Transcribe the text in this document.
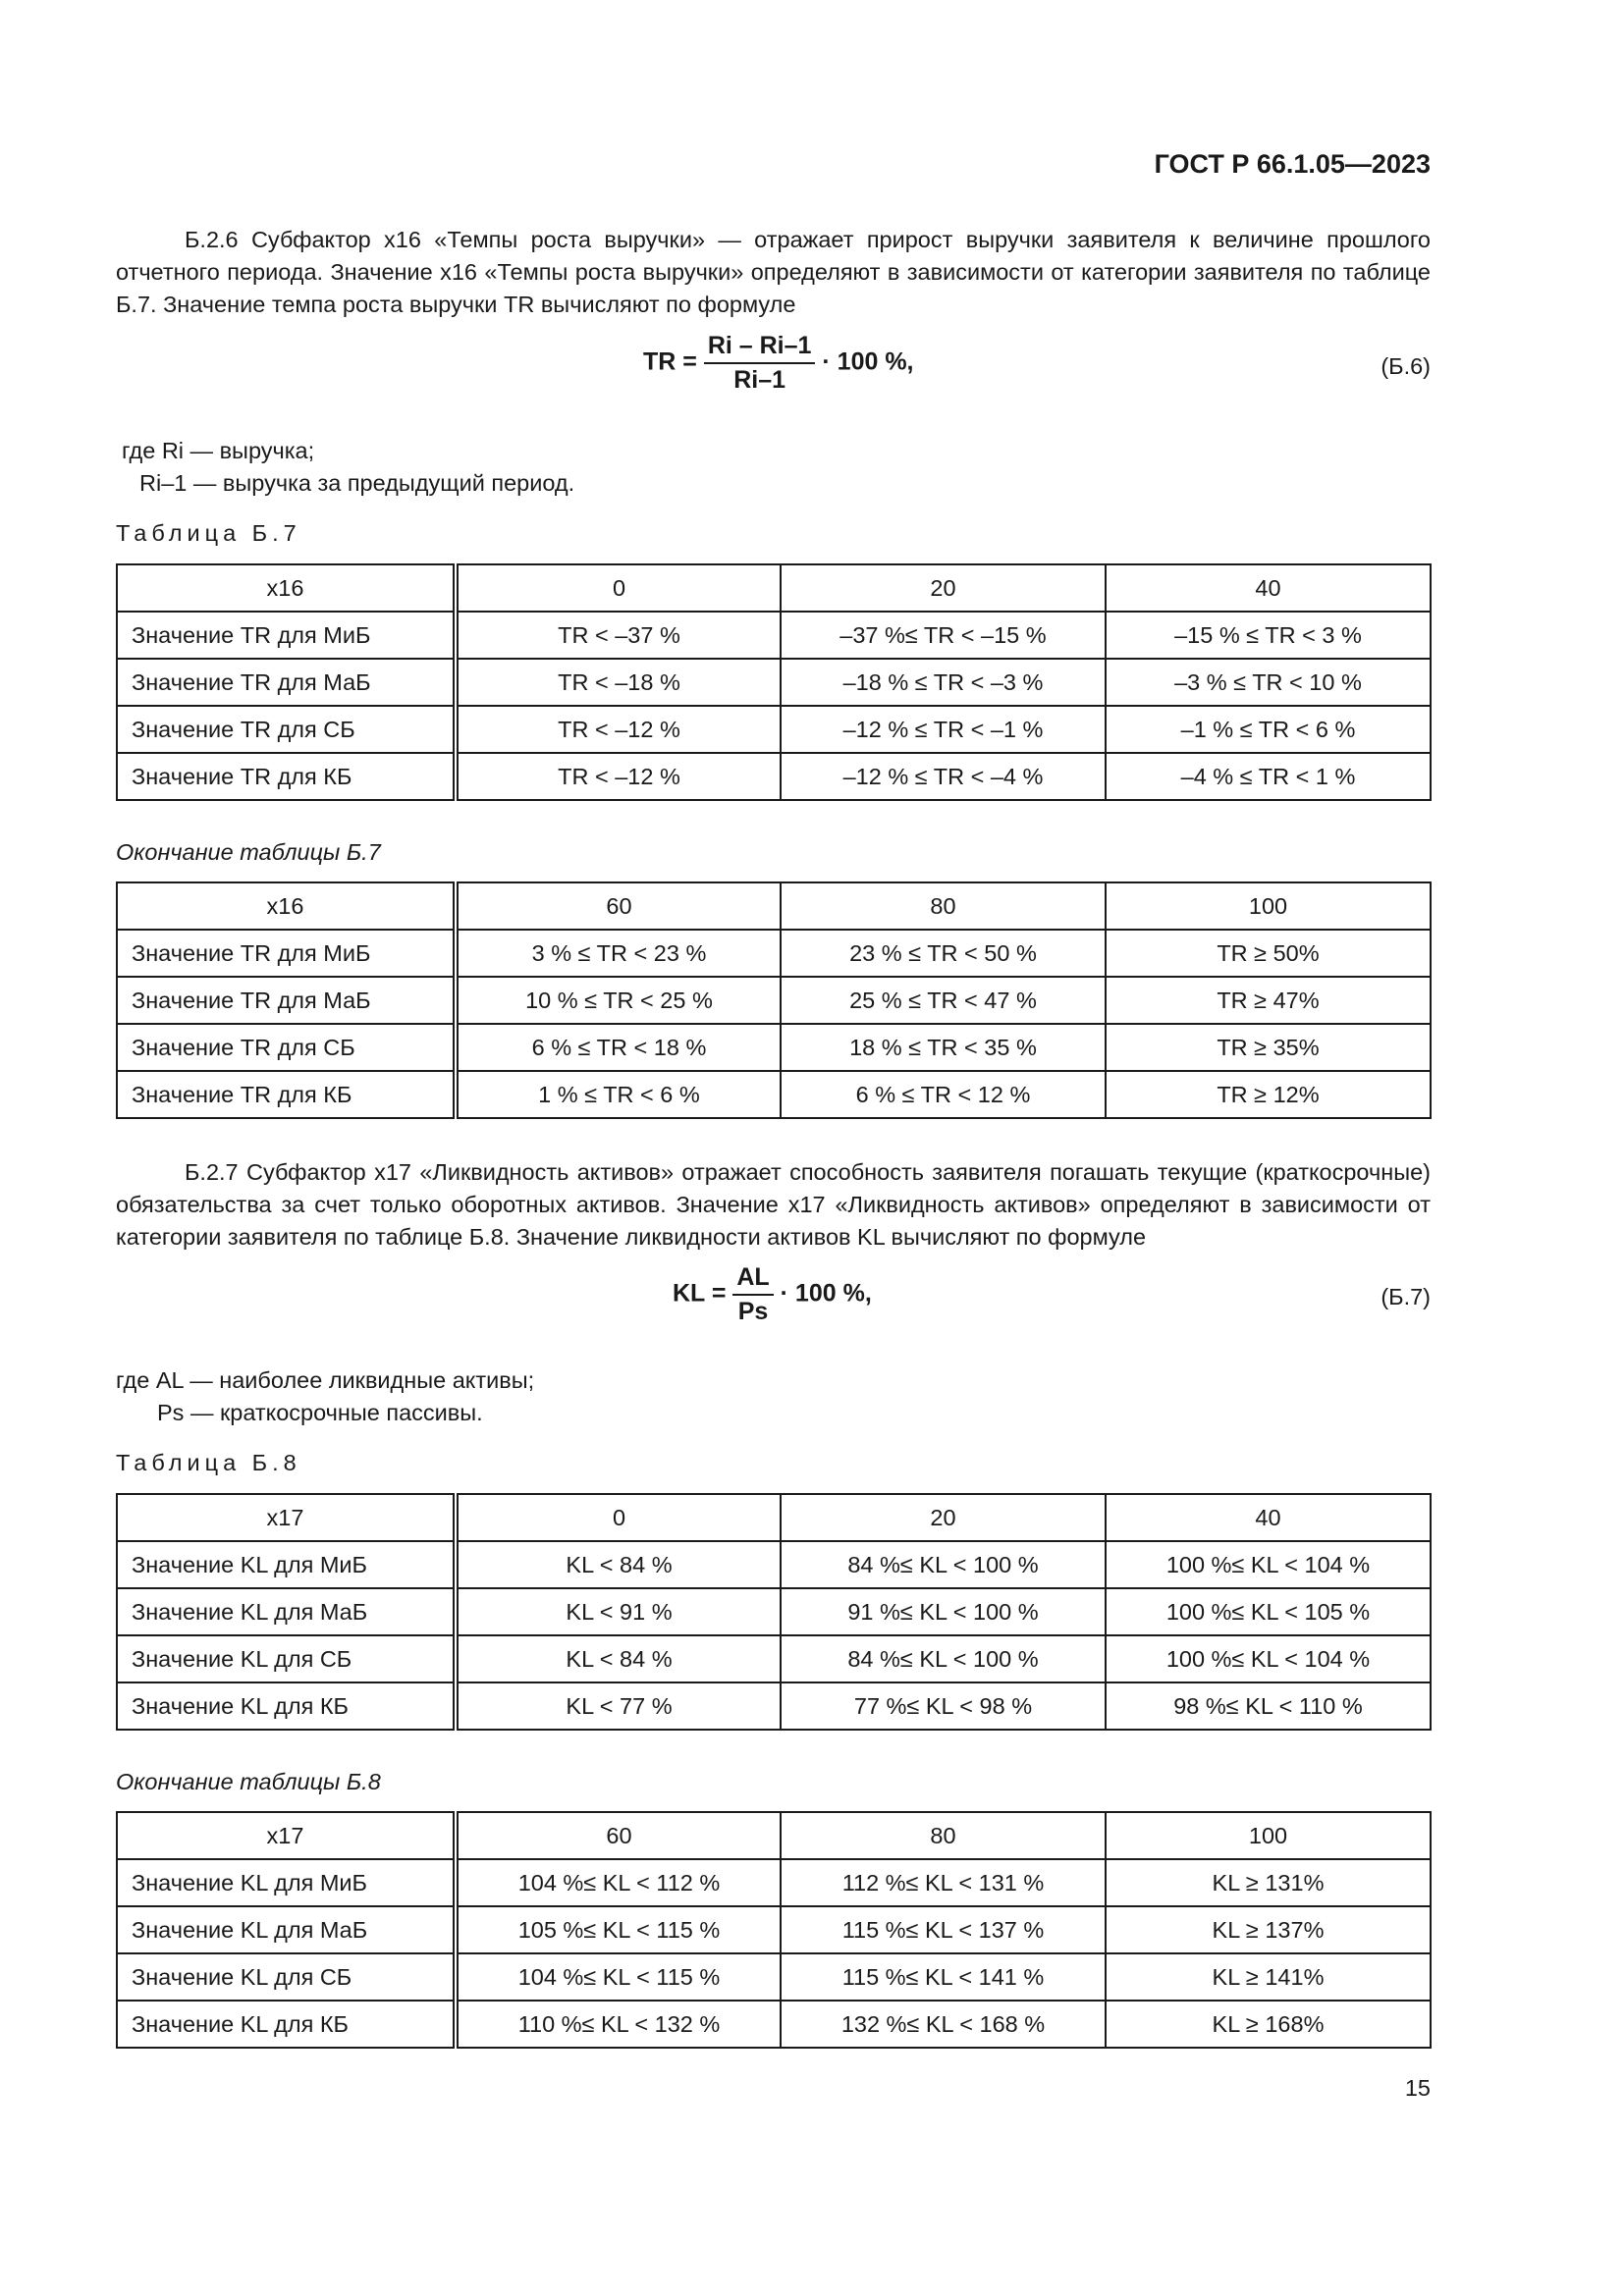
ГОСТ Р 66.1.05—2023
Б.2.6 Субфактор x16 «Темпы роста выручки» — отражает прирост выручки заявителя к величине прошлого отчетного периода. Значение x16 «Темпы роста выручки» определяют в зависимости от категории заявителя по таблице Б.7. Значение темпа роста выручки TR вычисляют по формуле
TR = $\frac{Ri - Ri-1}{Ri-1} \cdot 100$ %,	(Б.6)
где Ri — выручка;
Ri–1 — выручка за предыдущий период.
Таблица Б.7
x16	0	20	40
Значение TR для МиБ	TR < –37 %	–37 %≤ TR < –15 %	–15 % ≤ TR < 3 %
Значение TR для МаБ	TR < –18 %	–18 % ≤ TR < –3 %	–3 % ≤ TR < 10 %
Значение TR для СБ	TR < –12 %	–12 % ≤ TR < –1 %	–1 % ≤ TR < 6 %
Значение TR для КБ	TR < –12 %	–12 % ≤ TR < –4 %	–4 % ≤ TR < 1 %
Окончание таблицы Б.7
x16	60	80	100
Значение TR для МиБ	3 % ≤ TR < 23 %	23 % ≤ TR < 50 %	TR ≥ 50%
Значение TR для МаБ	10 % ≤ TR < 25 %	25 % ≤ TR < 47 %	TR ≥ 47%
Значение TR для СБ	6 % ≤ TR < 18 %	18 % ≤ TR < 35 %	TR ≥ 35%
Значение TR для КБ	1 % ≤ TR < 6 %	6 % ≤ TR < 12 %	TR ≥ 12%
Б.2.7 Субфактор x17 «Ликвидность активов» отражает способность заявителя погашать текущие (краткосрочные) обязательства за счет только оборотных активов. Значение x17 «Ликвидность активов» определяют в зависимости от категории заявителя по таблице Б.8. Значение ликвидности активов KL вычисляют по формуле
KL = $\frac{AL}{Ps} \cdot 100$ %,	(Б.7)
где AL — наиболее ликвидные активы;
Ps — краткосрочные пассивы.
Таблица Б.8
x17	0	20	40
Значение KL для МиБ	KL < 84 %	84 %≤ KL < 100 %	100 %≤ KL < 104 %
Значение KL для МаБ	KL < 91 %	91 %≤ KL < 100 %	100 %≤ KL < 105 %
Значение KL для СБ	KL < 84 %	84 %≤ KL < 100 %	100 %≤ KL < 104 %
Значение KL для КБ	KL < 77 %	77 %≤ KL < 98 %	98 %≤ KL < 110 %
Окончание таблицы Б.8
x17	60	80	100
Значение KL для МиБ	104 %≤ KL < 112 %	112 %≤ KL < 131 %	KL ≥ 131%
Значение KL для МаБ	105 %≤ KL < 115 %	115 %≤ KL < 137 %	KL ≥ 137%
Значение KL для СБ	104 %≤ KL < 115 %	115 %≤ KL < 141 %	KL ≥ 141%
Значение KL для КБ	110 %≤ KL < 132 %	132 %≤ KL < 168 %	KL ≥ 168%
15
